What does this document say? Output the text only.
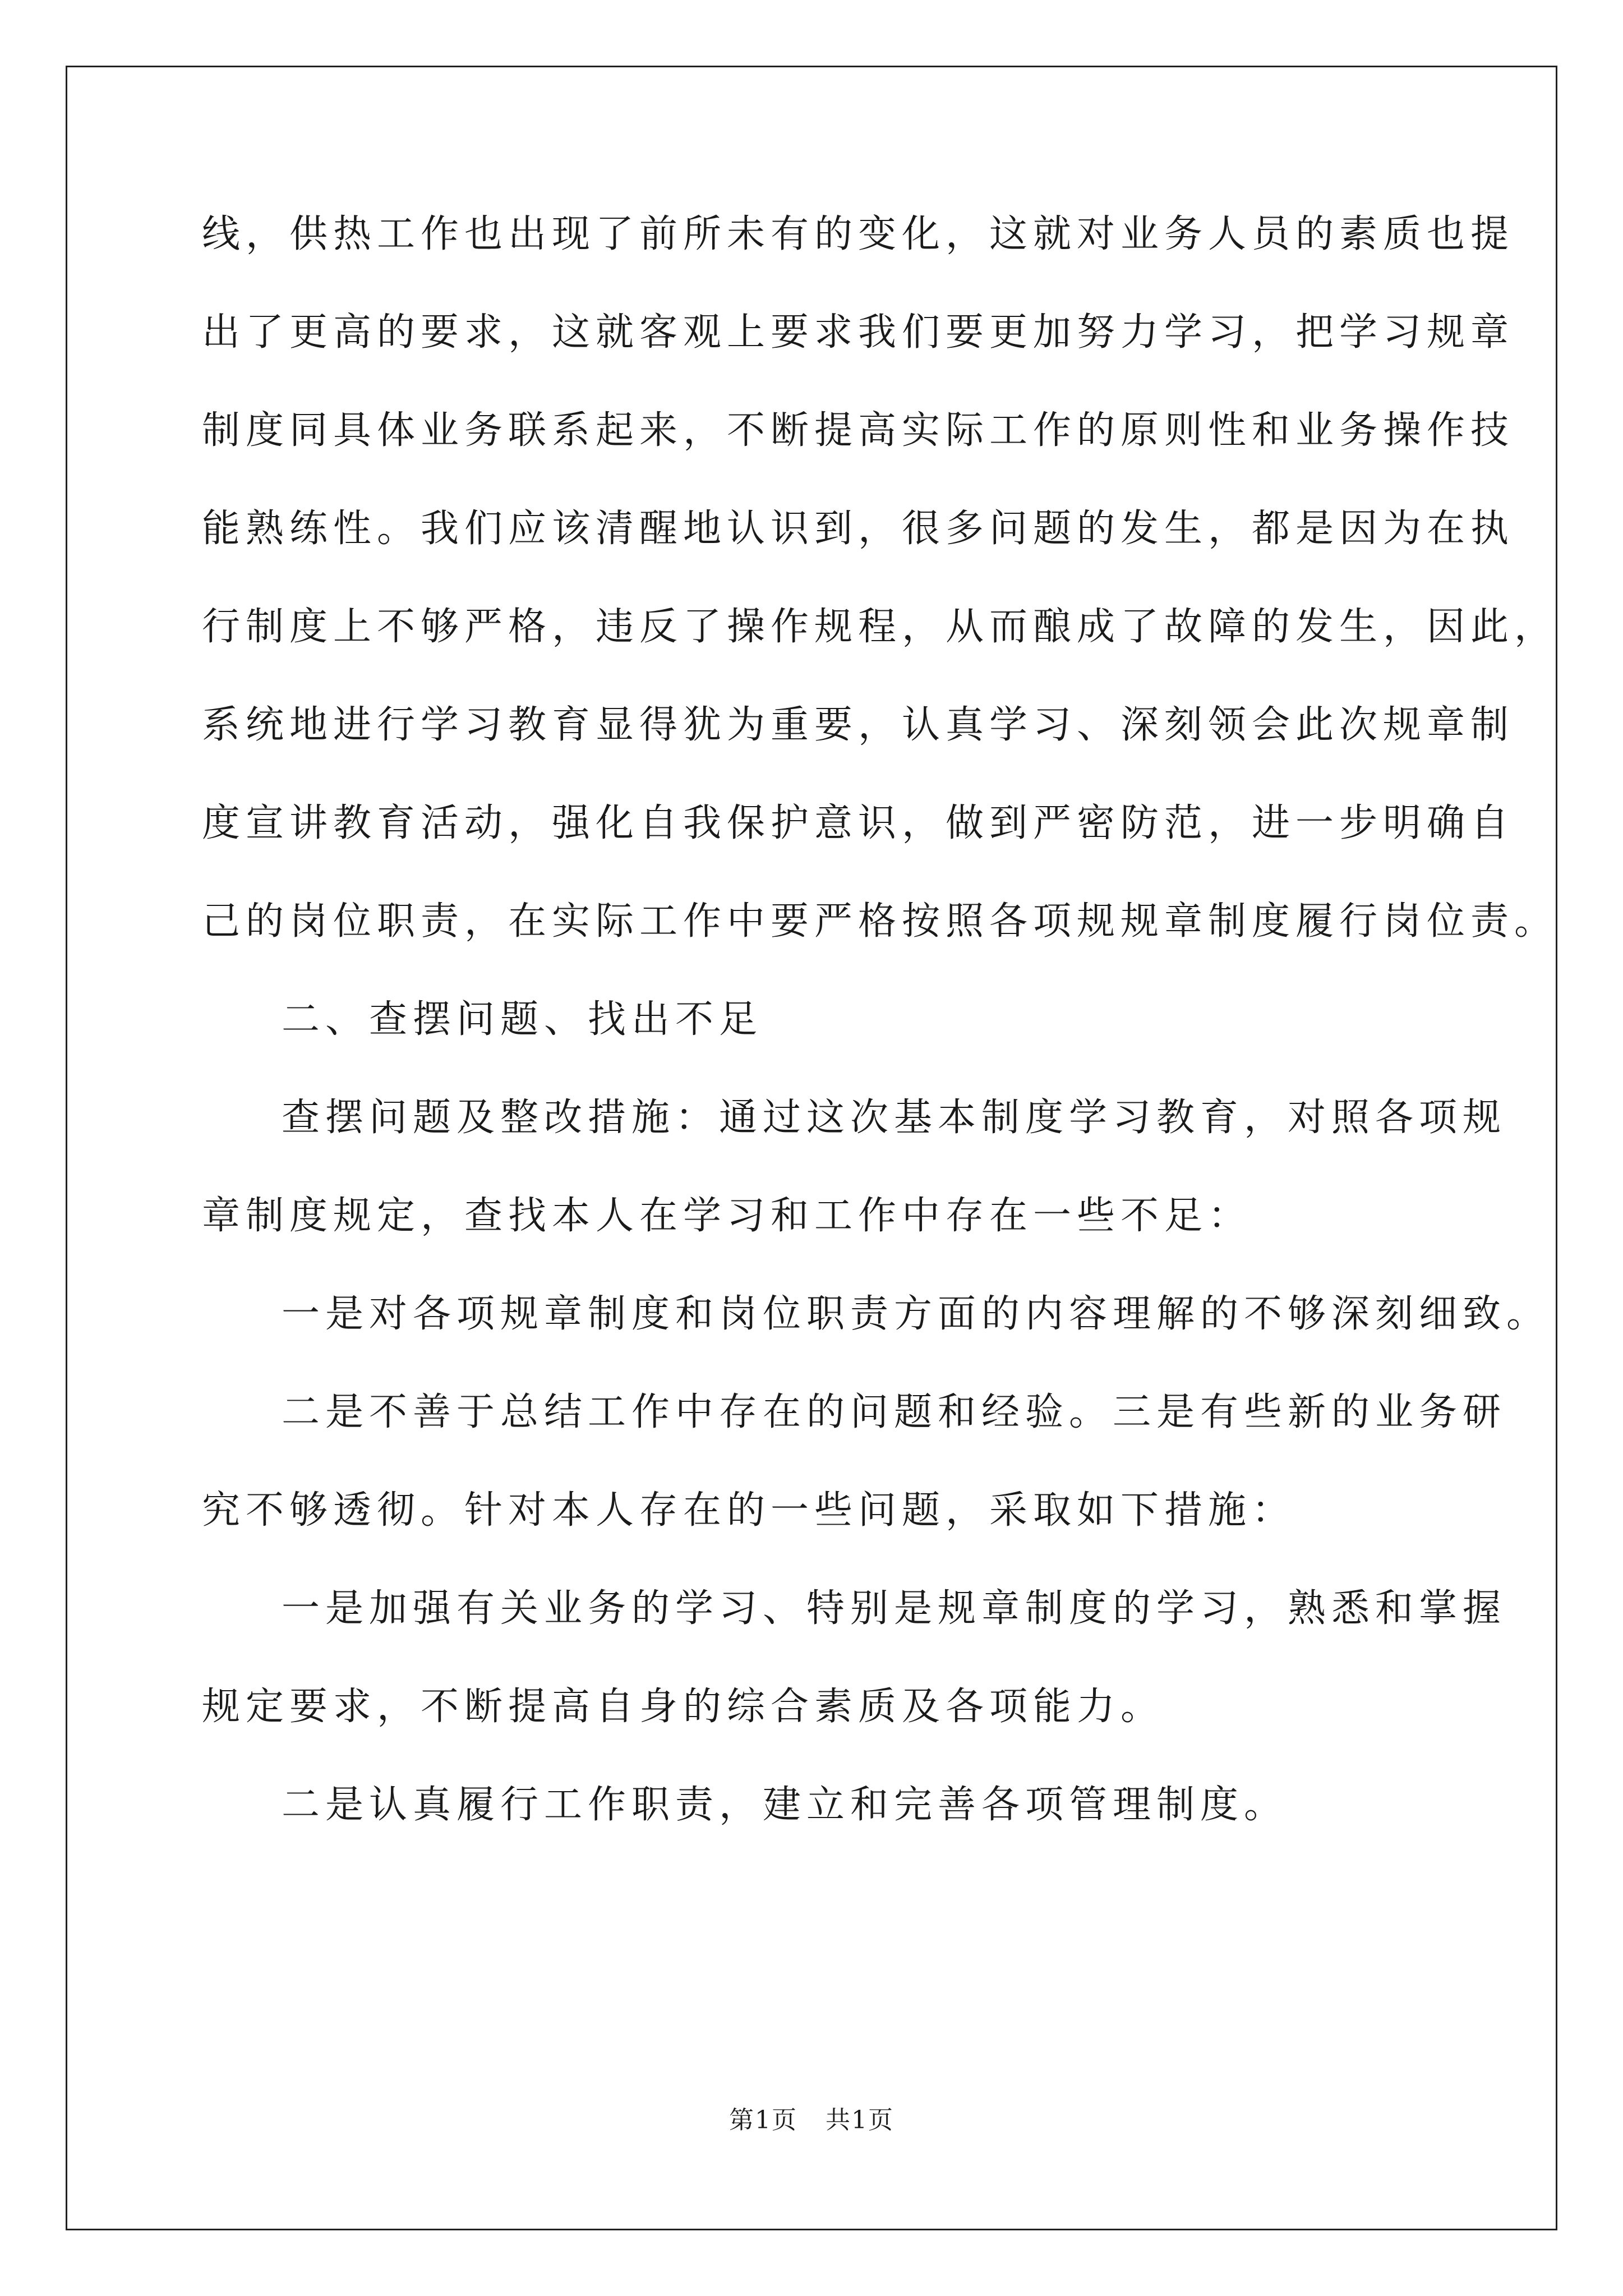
线，供热工作也出现了前所未有的变化，这就对业务人员的素质也提
出了更高的要求，这就客观上要求我们要更加努力学习，把学习规章
制度同具体业务联系起来，不断提高实际工作的原则性和业务操作技
能熟练性。我们应该清醒地认识到，很多问题的发生，都是因为在执
行制度上不够严格，违反了操作规程，从而酿成了故障的发生，因此，
系统地进行学习教育显得犹为重要，认真学习、深刻领会此次规章制
度宣讲教育活动，强化自我保护意识，做到严密防范，进一步明确自
己的岗位职责，在实际工作中要严格按照各项规规章制度履行岗位责。
二、查摆问题、找出不足
查摆问题及整改措施：通过这次基本制度学习教育，对照各项规
章制度规定，查找本人在学习和工作中存在一些不足：
一是对各项规章制度和岗位职责方面的内容理解的不够深刻细致。
二是不善于总结工作中存在的问题和经验。三是有些新的业务研
究不够透彻。针对本人存在的一些问题，采取如下措施：
一是加强有关业务的学习、特别是规章制度的学习，熟悉和掌握
规定要求，不断提高自身的综合素质及各项能力。
二是认真履行工作职责，建立和完善各项管理制度。
第1页 共1页
